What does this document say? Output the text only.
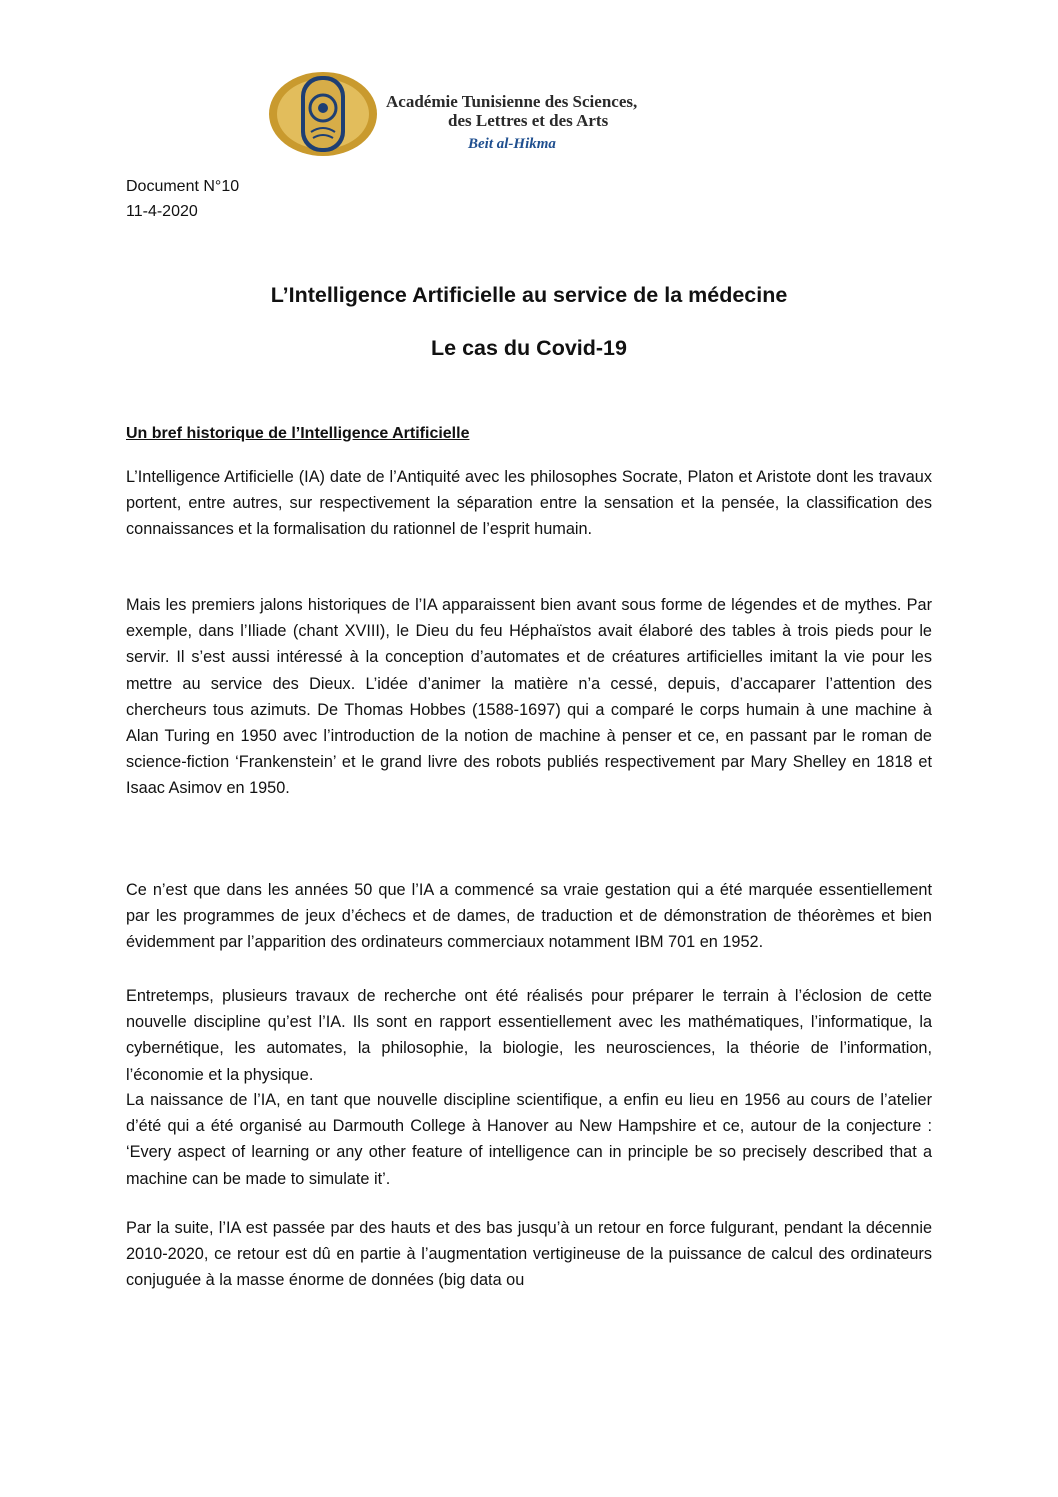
Académie Tunisienne des Sciences,
des Lettres et des Arts
Beit al-Hikma
Document N°10
11-4-2020
L’Intelligence Artificielle au service de la médecine
Le cas du Covid-19
Un bref historique de l’Intelligence Artificielle

L’Intelligence Artificielle (IA) date de l’Antiquité avec les philosophes Socrate, Platon et Aristote dont les travaux portent, entre autres, sur respectivement la séparation entre la sensation et la pensée, la classification des connaissances et la formalisation du rationnel de l’esprit humain.

Mais les premiers jalons historiques de l’IA apparaissent bien avant sous forme de légendes et de mythes. Par exemple, dans l’Iliade (chant XVIII), le Dieu du feu Héphaïstos avait élaboré des tables à trois pieds pour le servir. Il s’est aussi intéressé à la conception d’automates et de créatures artificielles imitant la vie pour les mettre au service des Dieux. L’idée d’animer la matière n’a cessé, depuis, d’accaparer l’attention des chercheurs tous azimuts. De Thomas Hobbes (1588-1697) qui a comparé le corps humain à une machine à Alan Turing en 1950 avec l’introduction de la notion de machine à penser et ce, en passant par le roman de science-fiction ‘Frankenstein’ et le grand livre des robots publiés respectivement par Mary Shelley en 1818 et Isaac Asimov en 1950.

Ce n’est que dans les années 50 que l’IA a commencé sa vraie gestation qui a été marquée essentiellement par les programmes de jeux d’échecs et de dames, de traduction et de démonstration de théorèmes et bien évidemment par l’apparition des ordinateurs commerciaux notamment IBM 701 en 1952.

Entretemps, plusieurs travaux de recherche ont été réalisés pour préparer le terrain à l’éclosion de cette nouvelle discipline qu’est l’IA. Ils sont en rapport essentiellement avec les mathématiques, l’informatique, la cybernétique, les automates, la philosophie, la biologie, les neurosciences, la théorie de l’information, l’économie et la physique.

La naissance de l’IA, en tant que nouvelle discipline scientifique, a enfin eu lieu en 1956 au cours de l’atelier d’été qui a été organisé au Darmouth College à Hanover au New Hampshire et ce, autour de la conjecture : ‘Every aspect of learning or any other feature of intelligence can in principle be so precisely described that a machine can be made to simulate it’.

Par la suite, l’IA est passée par des hauts et des bas jusqu’à un retour en force fulgurant, pendant la décennie 2010-2020, ce retour est dû en partie à l’augmentation vertigineuse de la puissance de calcul des ordinateurs conjuguée à la masse énorme de données (big data ou
